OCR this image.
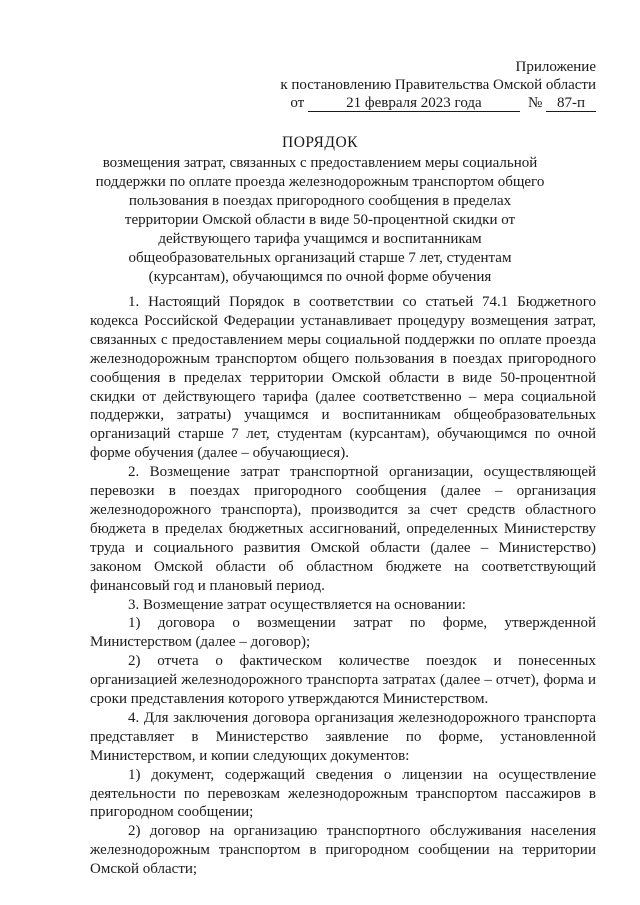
Приложение
к постановлению Правительства Омской области
от	21 февраля 2023 года	№ 87-п
ПОРЯДОК
возмещения затрат, связанных с предоставлением меры социальной поддержки по оплате проезда железнодорожным транспортом общего пользования в поездах пригородного сообщения в пределах территории Омской области в виде 50-процентной скидки от действующего тарифа учащимся и воспитанникам общеобразовательных организаций старше 7 лет, студентам (курсантам), обучающимся по очной форме обучения

1. Настоящий Порядок в соответствии со статьей 74.1 Бюджетного кодекса Российской Федерации устанавливает процедуру возмещения затрат, связанных с предоставлением меры социальной поддержки по оплате проезда железнодорожным транспортом общего пользования в поездах пригородного сообщения в пределах территории Омской области в виде 50-процентной скидки от действующего тарифа (далее соответственно – мера социальной поддержки, затраты) учащимся и воспитанникам общеобразовательных организаций старше 7 лет, студентам (курсантам), обучающимся по очной форме обучения (далее – обучающиеся).

2. Возмещение затрат транспортной организации, осуществляющей перевозки в поездах пригородного сообщения (далее – организация железнодорожного транспорта), производится за счет средств областного бюджета в пределах бюджетных ассигнований, определенных Министерству труда и социального развития Омской области (далее – Министерство) законом Омской области об областном бюджете на соответствующий финансовый год и плановый период.

3. Возмещение затрат осуществляется на основании:

1) договора о возмещении затрат по форме, утвержденной Министерством (далее – договор);

2) отчета о фактическом количестве поездок и понесенных организацией железнодорожного транспорта затратах (далее – отчет), форма и сроки представления которого утверждаются Министерством.

4. Для заключения договора организация железнодорожного транспорта представляет в Министерство заявление по форме, установленной Министерством, и копии следующих документов:

1) документ, содержащий сведения о лицензии на осуществление деятельности по перевозкам железнодорожным транспортом пассажиров в пригородном сообщении;

2) договор на организацию транспортного обслуживания населения железнодорожным транспортом в пригородном сообщении на территории Омской области;
